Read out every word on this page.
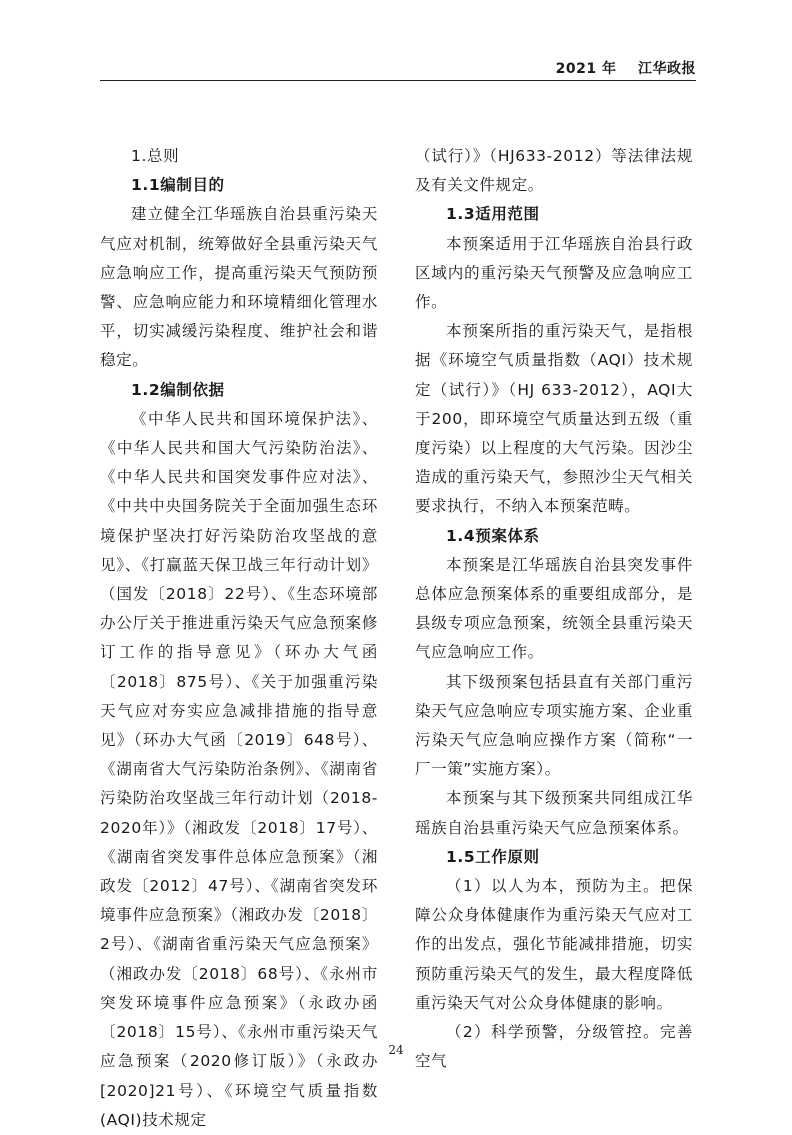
2021 年    江华政报

1.总则

1.1编制目的

建立健全江华瑶族自治县重污染天气应对机制，统筹做好全县重污染天气应急响应工作，提高重污染天气预防预警、应急响应能力和环境精细化管理水平，切实减缓污染程度、维护社会和谐稳定。

1.2编制依据

《中华人民共和国环境保护法》、《中华人民共和国大气污染防治法》、《中华人民共和国突发事件应对法》、《中共中央国务院关于全面加强生态环境保护坚决打好污染防治攻坚战的意见》、《打赢蓝天保卫战三年行动计划》（国发〔2018〕22号）、《生态环境部办公厅关于推进重污染天气应急预案修订工作的指导意见》（环办大气函〔2018〕875号）、《关于加强重污染天气应对夯实应急减排措施的指导意见》（环办大气函〔2019〕648号）、《湖南省大气污染防治条例》、《湖南省污染防治攻坚战三年行动计划（2018-2020年）》（湘政发〔2018〕17号）、《湖南省突发事件总体应急预案》（湘政发〔2012〕47号）、《湖南省突发环境事件应急预案》（湘政办发〔2018〕2号）、《湖南省重污染天气应急预案》（湘政办发〔2018〕68号）、《永州市突发环境事件应急预案》（永政办函〔2018〕15号）、《永州市重污染天气应急预案（2020修订版）》（永政办[2020]21号）、《环境空气质量指数(AQI)技术规定

（试行）》（HJ633-2012）等法律法规及有关文件规定。

1.3适用范围

本预案适用于江华瑶族自治县行政区域内的重污染天气预警及应急响应工作。

本预案所指的重污染天气，是指根据《环境空气质量指数（AQI）技术规定（试行）》（HJ 633-2012），AQI大于200，即环境空气质量达到五级（重度污染）以上程度的大气污染。因沙尘造成的重污染天气，参照沙尘天气相关要求执行，不纳入本预案范畴。

1.4预案体系

本预案是江华瑶族自治县突发事件总体应急预案体系的重要组成部分，是县级专项应急预案，统领全县重污染天气应急响应工作。

其下级预案包括县直有关部门重污染天气应急响应专项实施方案、企业重污染天气应急响应操作方案（简称“一厂一策”实施方案）。

本预案与其下级预案共同组成江华瑶族自治县重污染天气应急预案体系。

1.5工作原则

（1）以人为本，预防为主。把保障公众身体健康作为重污染天气应对工作的出发点，强化节能减排措施，切实预防重污染天气的发生，最大程度降低重污染天气对公众身体健康的影响。

（2）科学预警，分级管控。完善空气

24
